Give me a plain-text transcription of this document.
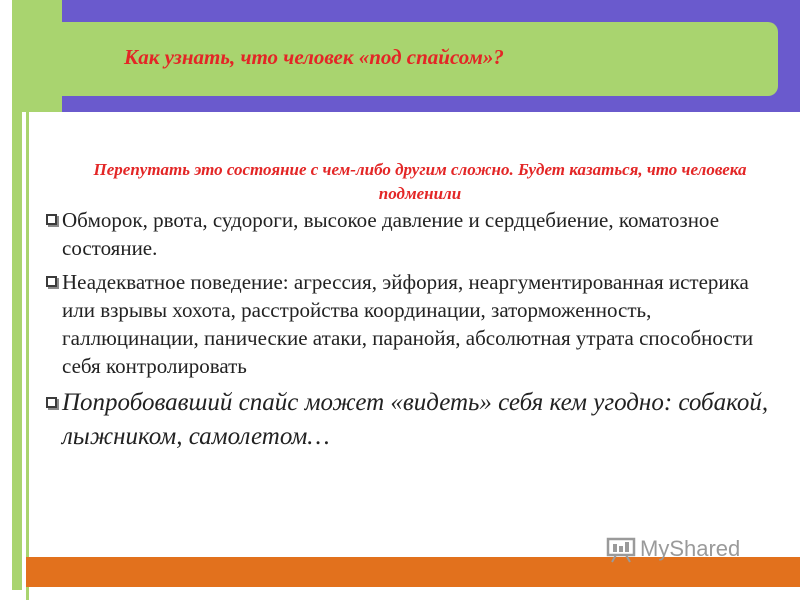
Как узнать, что человек «под спайсом»?
Перепутать это состояние с чем-либо другим сложно. Будет казаться, что человека подменили
Обморок, рвота, судороги, высокое давление и сердцебиение, коматозное состояние.
Неадекватное поведение: агрессия, эйфория, неаргументированная истерика или взрывы хохота, расстройства координации, заторможенность, галлюцинации, панические атаки, паранойя, абсолютная утрата способности себя контролировать
Попробовавший спайс может «видеть» себя кем угодно: собакой, лыжником, самолетом…
MyShared
